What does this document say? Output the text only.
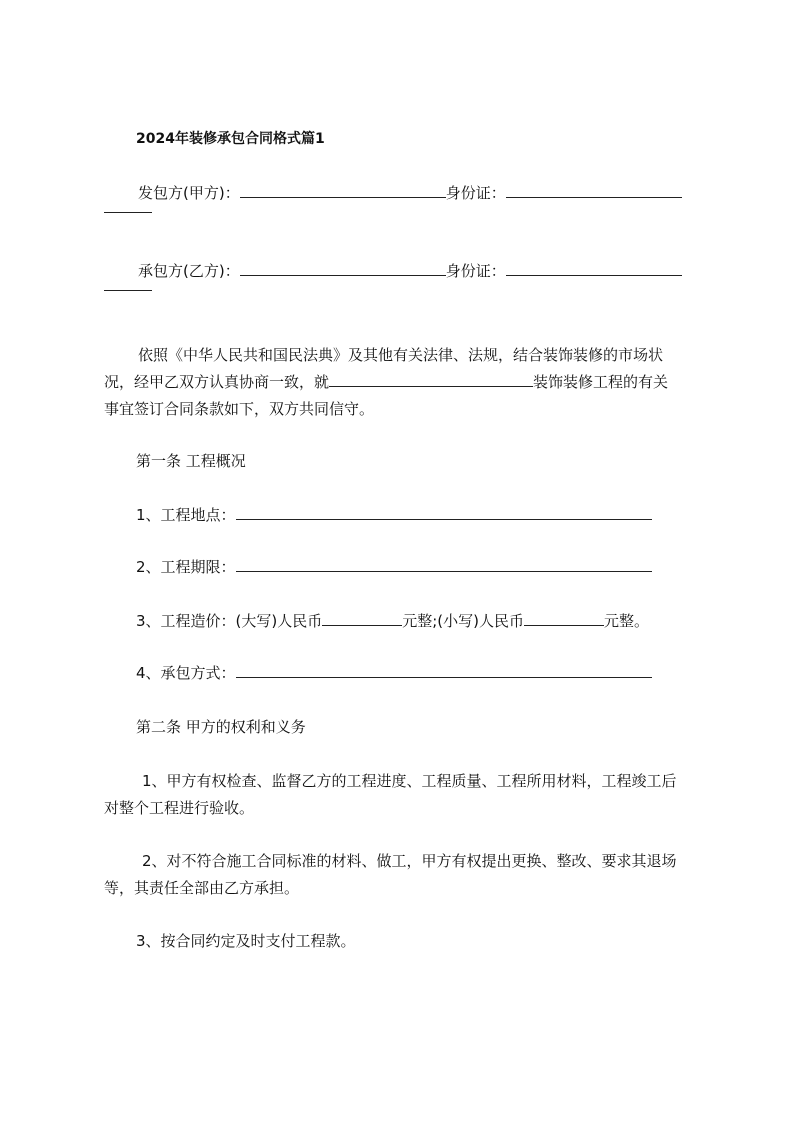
2024年装修承包合同格式篇1
发包方(甲方)：	身份证：
承包方(乙方)：	身份证：
依照《中华人民共和国民法典》及其他有关法律、法规，结合装饰装修的市场状
况，经甲乙双方认真协商一致，就	装饰装修工程的有关
事宜签订合同条款如下，双方共同信守。
第一条 工程概况
1、工程地点：
2、工程期限：
3、工程造价：(大写)人民币	元整;(小写)人民币	元整。
4、承包方式：
第二条 甲方的权利和义务
1、甲方有权检查、监督乙方的工程进度、工程质量、工程所用材料，工程竣工后
对整个工程进行验收。
2、对不符合施工合同标准的材料、做工，甲方有权提出更换、整改、要求其退场
等，其责任全部由乙方承担。
3、按合同约定及时支付工程款。
